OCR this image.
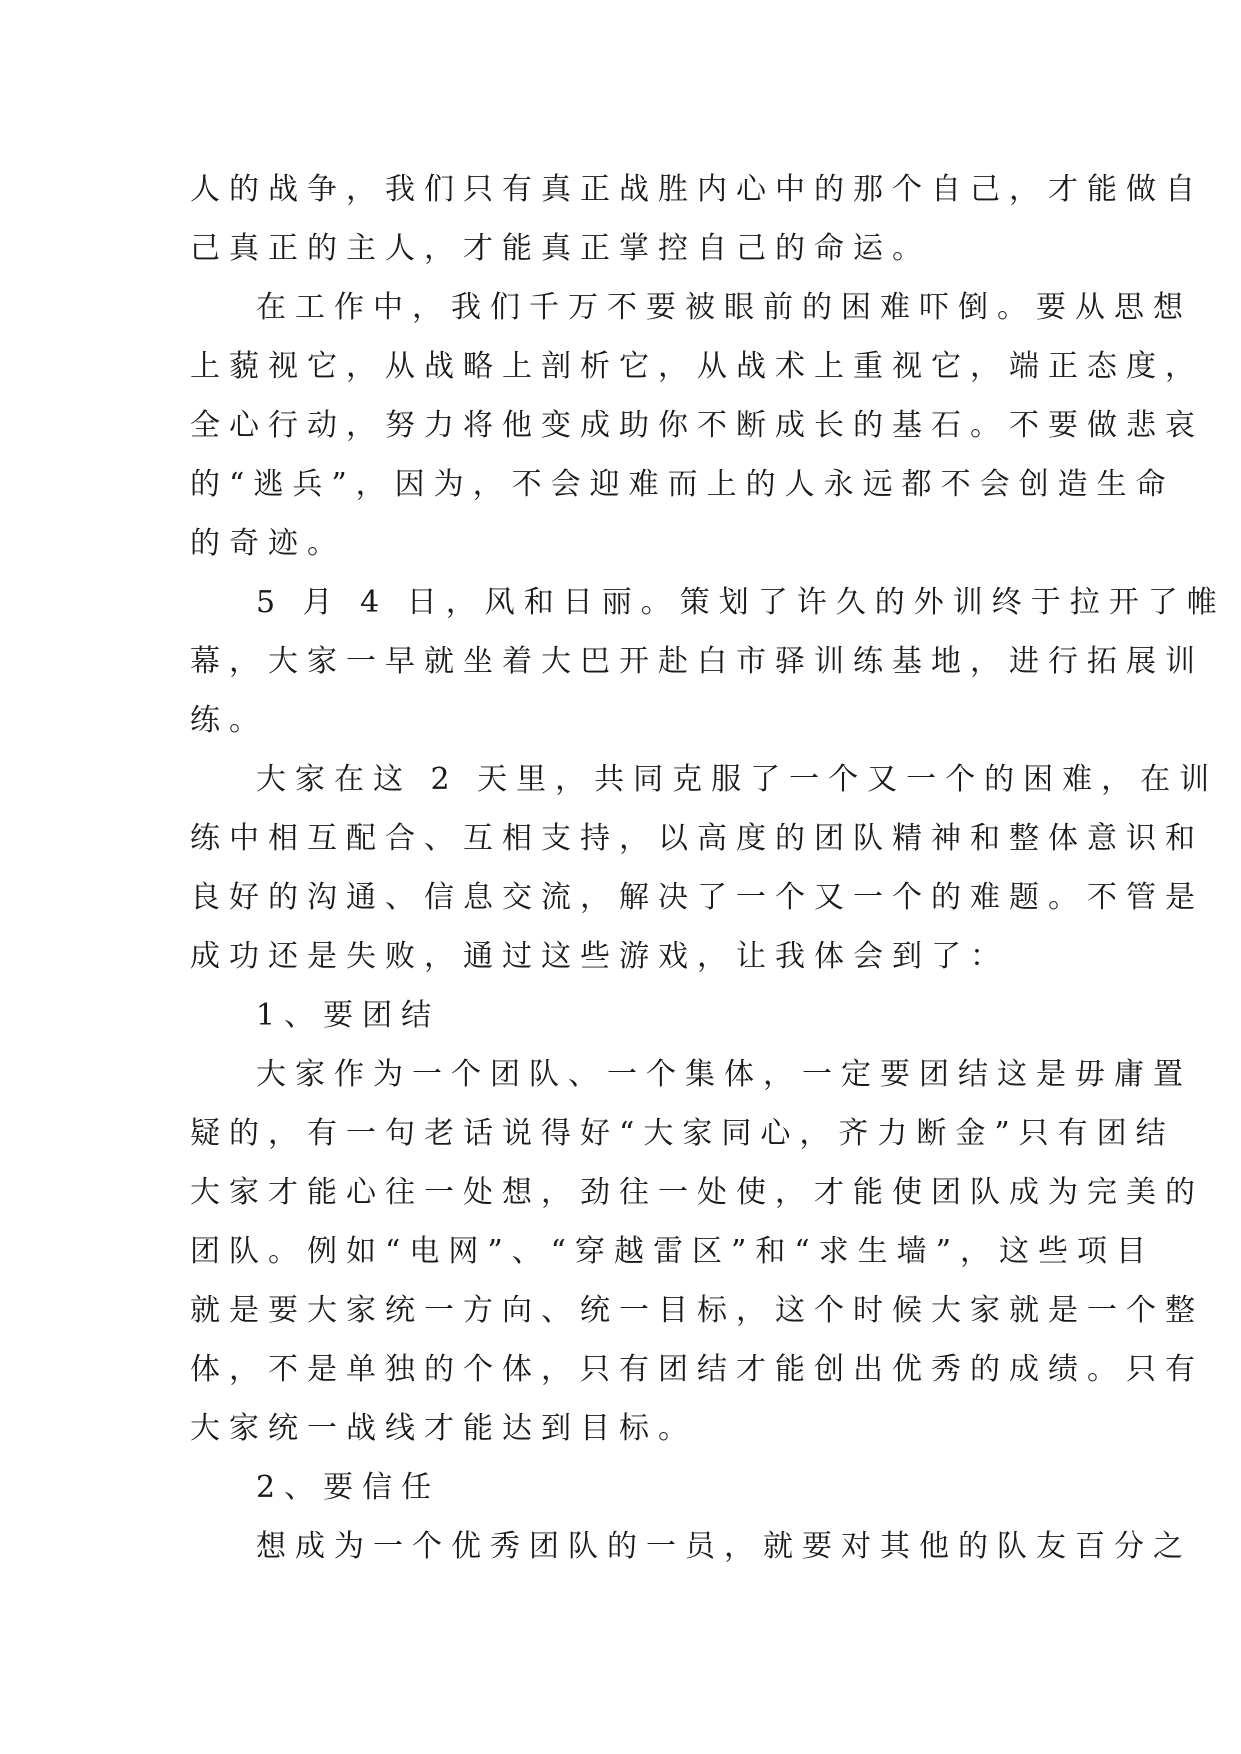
人的战争，我们只有真正战胜内心中的那个自己，才能做自

己真正的主人，才能真正掌控自己的命运。

在工作中，我们千万不要被眼前的困难吓倒。要从思想

上藐视它，从战略上剖析它，从战术上重视它，端正态度，

全心行动，努力将他变成助你不断成长的基石。不要做悲哀

的“逃兵”，因为，不会迎难而上的人永远都不会创造生命

的奇迹。

5 月 4 日，风和日丽。策划了许久的外训终于拉开了帷

幕，大家一早就坐着大巴开赴白市驿训练基地，进行拓展训

练。

大家在这 2 天里，共同克服了一个又一个的困难，在训

练中相互配合、互相支持，以高度的团队精神和整体意识和

良好的沟通、信息交流，解决了一个又一个的难题。不管是

成功还是失败，通过这些游戏，让我体会到了：

1、要团结

大家作为一个团队、一个集体，一定要团结这是毋庸置

疑的，有一句老话说得好“大家同心，齐力断金”只有团结

大家才能心往一处想，劲往一处使，才能使团队成为完美的

团队。例如“电网”、“穿越雷区”和“求生墙”，这些项目

就是要大家统一方向、统一目标，这个时候大家就是一个整

体，不是单独的个体，只有团结才能创出优秀的成绩。只有

大家统一战线才能达到目标。

2、要信任

想成为一个优秀团队的一员，就要对其他的队友百分之
